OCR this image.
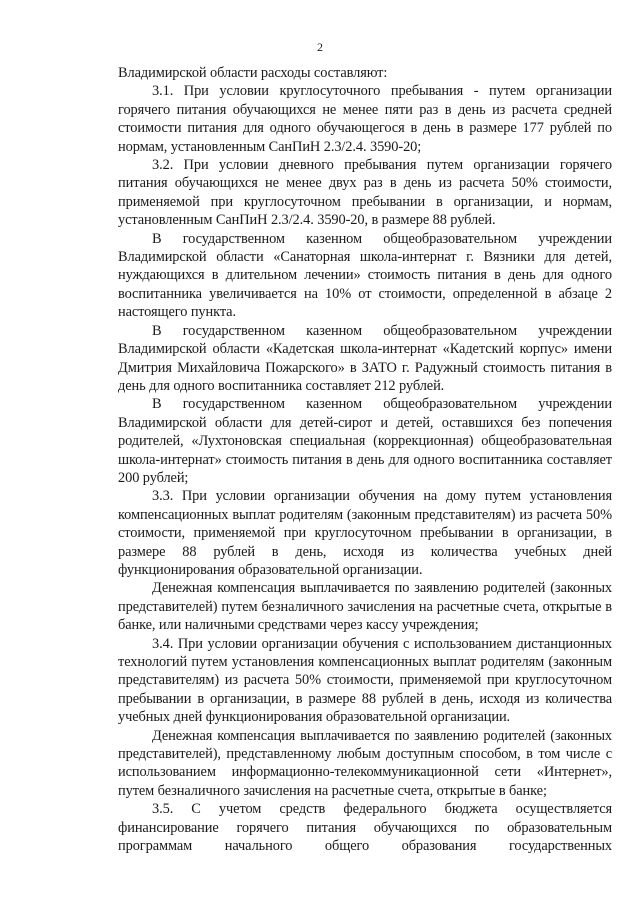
2

Владимирской области расходы составляют:

3.1. При условии круглосуточного пребывания - путем организации горячего питания обучающихся не менее пяти раз в день из расчета средней стоимости питания для одного обучающегося в день в размере 177 рублей по нормам, установленным СанПиН 2.3/2.4. 3590-20;

3.2. При условии дневного пребывания путем организации горячего питания обучающихся не менее двух раз в день из расчета 50% стоимости, применяемой при круглосуточном пребывании в организации, и нормам, установленным СанПиН 2.3/2.4. 3590-20, в размере 88 рублей.

В государственном казенном общеобразовательном учреждении Владимирской области «Санаторная школа-интернат г. Вязники для детей, нуждающихся в длительном лечении» стоимость питания в день для одного воспитанника увеличивается на 10% от стоимости, определенной в абзаце 2 настоящего пункта.

В государственном казенном общеобразовательном учреждении Владимирской области «Кадетская школа-интернат «Кадетский корпус» имени Дмитрия Михайловича Пожарского» в ЗАТО г. Радужный стоимость питания в день для одного воспитанника составляет 212 рублей.

В государственном казенном общеобразовательном учреждении Владимирской области для детей-сирот и детей, оставшихся без попечения родителей, «Лухтоновская специальная (коррекционная) общеобразовательная школа-интернат» стоимость питания в день для одного воспитанника составляет 200 рублей;

3.3. При условии организации обучения на дому путем установления компенсационных выплат родителям (законным представителям) из расчета 50% стоимости, применяемой при круглосуточном пребывании в организации, в размере 88 рублей в день, исходя из количества учебных дней функционирования образовательной организации.

Денежная компенсация выплачивается по заявлению родителей (законных представителей) путем безналичного зачисления на расчетные счета, открытые в банке, или наличными средствами через кассу учреждения;

3.4. При условии организации обучения с использованием дистанционных технологий путем установления компенсационных выплат родителям (законным представителям) из расчета 50% стоимости, применяемой при круглосуточном пребывании в организации, в размере 88 рублей в день, исходя из количества учебных дней функционирования образовательной организации.

Денежная компенсация выплачивается по заявлению родителей (законных представителей), представленному любым доступным способом, в том числе с использованием информационно-телекоммуникационной сети «Интернет», путем безналичного зачисления на расчетные счета, открытые в банке;

3.5. С учетом средств федерального бюджета осуществляется финансирование горячего питания обучающихся по образовательным программам начального общего образования государственных
